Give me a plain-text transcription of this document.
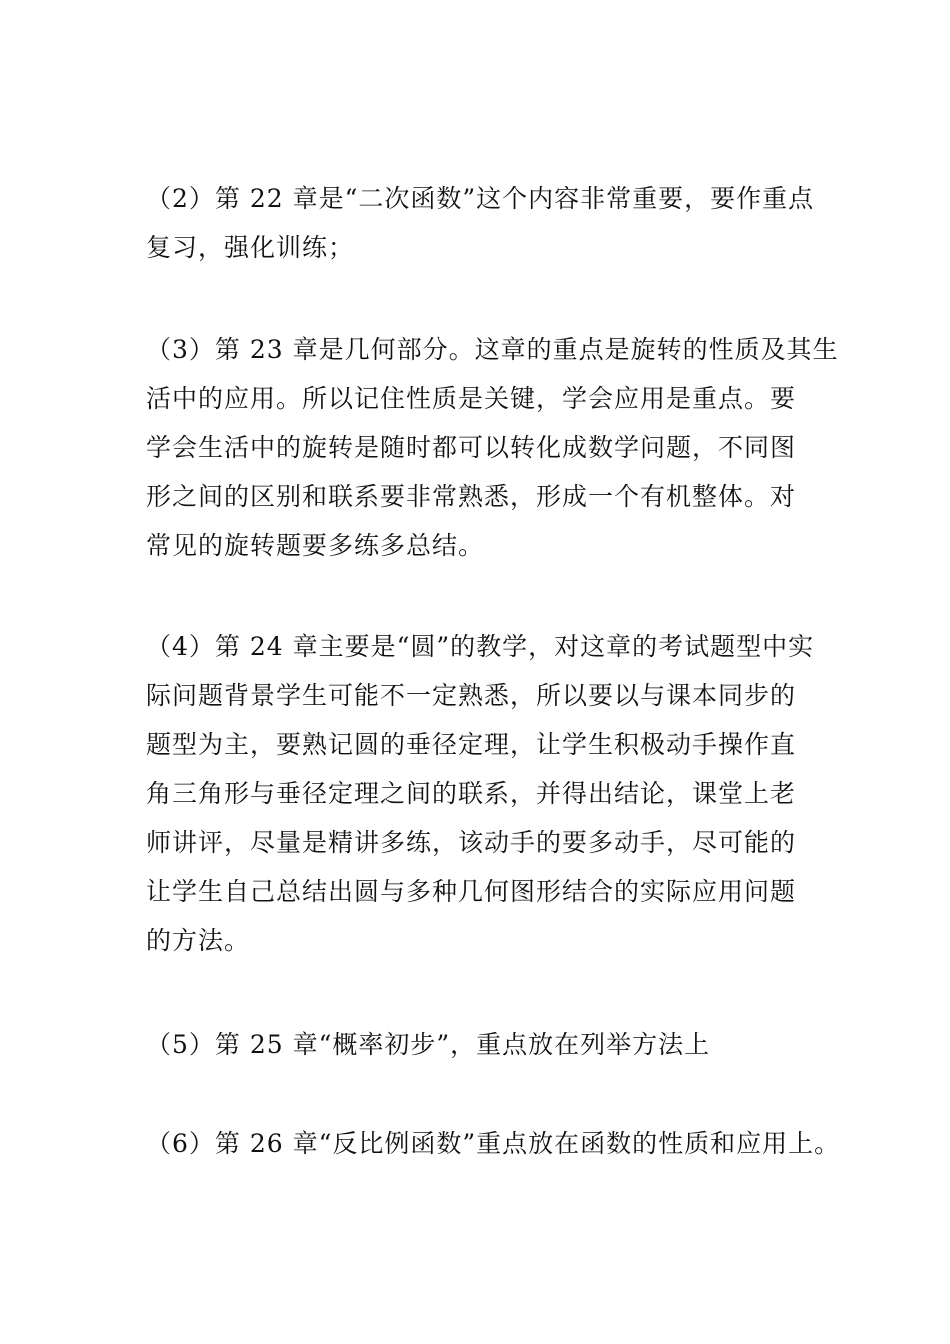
（2）第 22 章是“二次函数”这个内容非常重要，要作重点
复习，强化训练；

（3）第 23 章是几何部分。这章的重点是旋转的性质及其生
活中的应用。所以记住性质是关键，学会应用是重点。要
学会生活中的旋转是随时都可以转化成数学问题，不同图
形之间的区别和联系要非常熟悉，形成一个有机整体。对
常见的旋转题要多练多总结。

（4）第 24 章主要是“圆”的教学，对这章的考试题型中实
际问题背景学生可能不一定熟悉，所以要以与课本同步的
题型为主，要熟记圆的垂径定理，让学生积极动手操作直
角三角形与垂径定理之间的联系，并得出结论，课堂上老
师讲评，尽量是精讲多练，该动手的要多动手，尽可能的
让学生自己总结出圆与多种几何图形结合的实际应用问题
的方法。

（5）第 25 章“概率初步”，重点放在列举方法上

（6）第 26 章“反比例函数”重点放在函数的性质和应用上。
